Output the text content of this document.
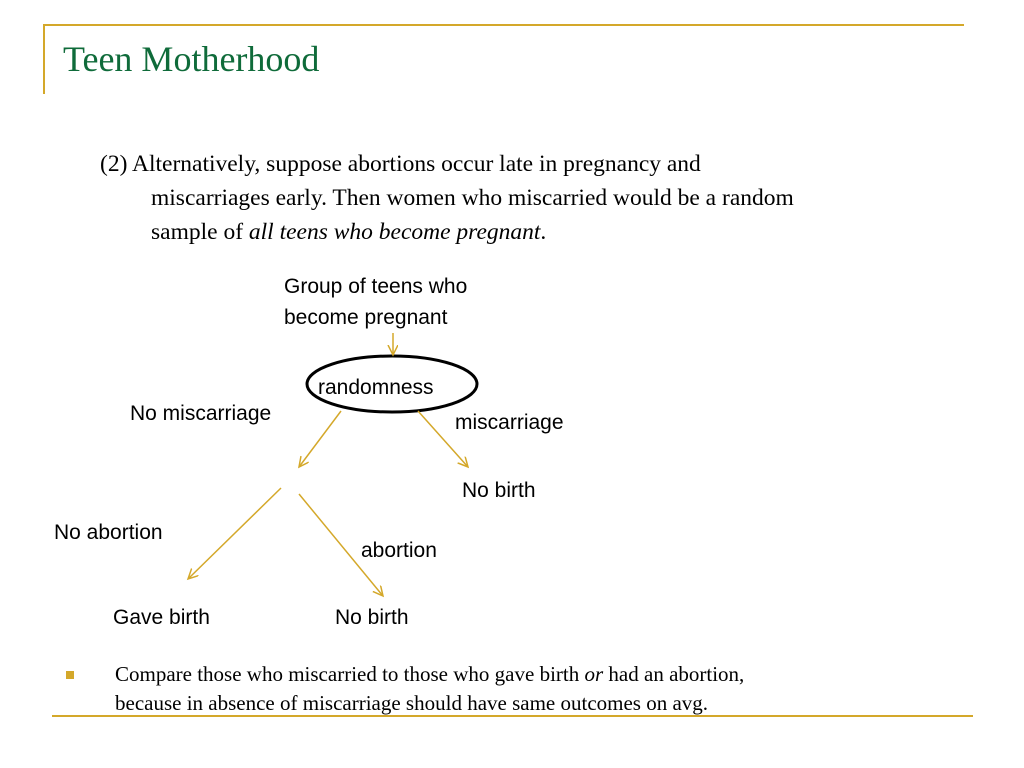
Teen Motherhood
(2) Alternatively, suppose abortions occur late in pregnancy and
miscarriages early. Then women who miscarried would be a random
sample of all teens who become pregnant.
Group of teens who
become pregnant
randomness
No miscarriage	miscarriage
No birth
No abortion
abortion
Gave birth	No birth
Compare those who miscarried to those who gave birth or had an abortion,
because in absence of miscarriage should have same outcomes on avg.
